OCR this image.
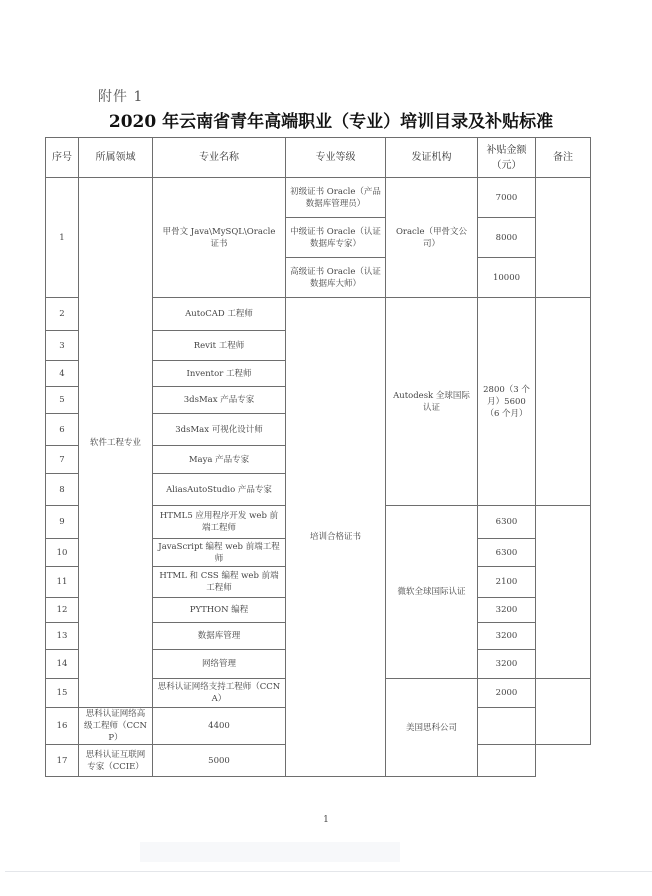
附件 1
2020 年云南省青年高端职业（专业）培训目录及补贴标准
序号	所属领域	专业名称	专业等级	发证机构	补贴金额（元）	备注
1	软件工程专业	甲骨文 Java\MySQL\Oracle 证书	初级证书 Oracle（产品数据库管理员）	Oracle（甲骨文公司）	7000	
			中级证书 Oracle（认证数据库专家）		8000	
			高级证书 Oracle（认证数据库大师）		10000	
2		AutoCAD 工程师	培训合格证书	Autodesk 全球国际认证	2800（3 个月）5600（6 个月）	
3		Revit 工程师				
4		Inventor 工程师				
5		3dsMax 产品专家				
6		3dsMax 可视化设计师				
7		Maya 产品专家				
8		AliasAutoStudio 产品专家				
9		HTML5 应用程序开发 web 前端工程师		微软全球国际认证	6300	
10		JavaScript 编程 web 前端工程师			6300	
11		HTML 和 CSS 编程 web 前端工程师			2100	
12		PYTHON 编程			3200	
13		数据库管理			3200	
14		网络管理			3200	
15		思科认证网络支持工程师（CCNA）		美国思科公司	2000	
16	思科认证网络高级工程师（CCNP）	4400				
17	思科认证互联网专家（CCIE）	5000				
1
